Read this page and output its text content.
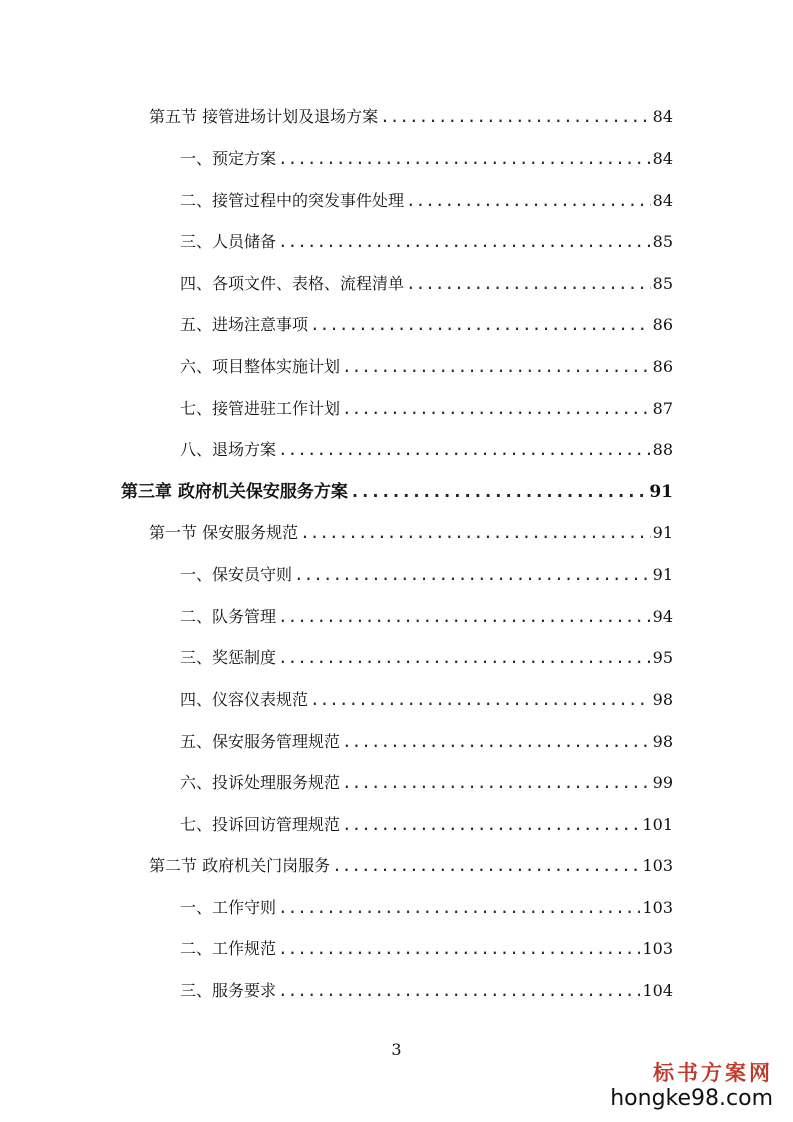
第五节 接管进场计划及退场方案 .....	84
一、预定方案 .....	84
二、接管过程中的突发事件处理 .....	84
三、人员储备 .....	85
四、各项文件、表格、流程清单 .....	85
五、进场注意事项 .....	86
六、项目整体实施计划 .....	86
七、接管进驻工作计划 .....	87
八、退场方案 .....	88
第三章 政府机关保安服务方案 .....	91
第一节 保安服务规范 .....	91
一、保安员守则 .....	91
二、队务管理 .....	94
三、奖惩制度 .....	95
四、仪容仪表规范 .....	98
五、保安服务管理规范 .....	98
六、投诉处理服务规范 .....	99
七、投诉回访管理规范 .....	101
第二节 政府机关门岗服务 .....	103
一、工作守则 .....	103
二、工作规范 .....	103
三、服务要求 .....	104
3
标书方案网
hongke98.com
